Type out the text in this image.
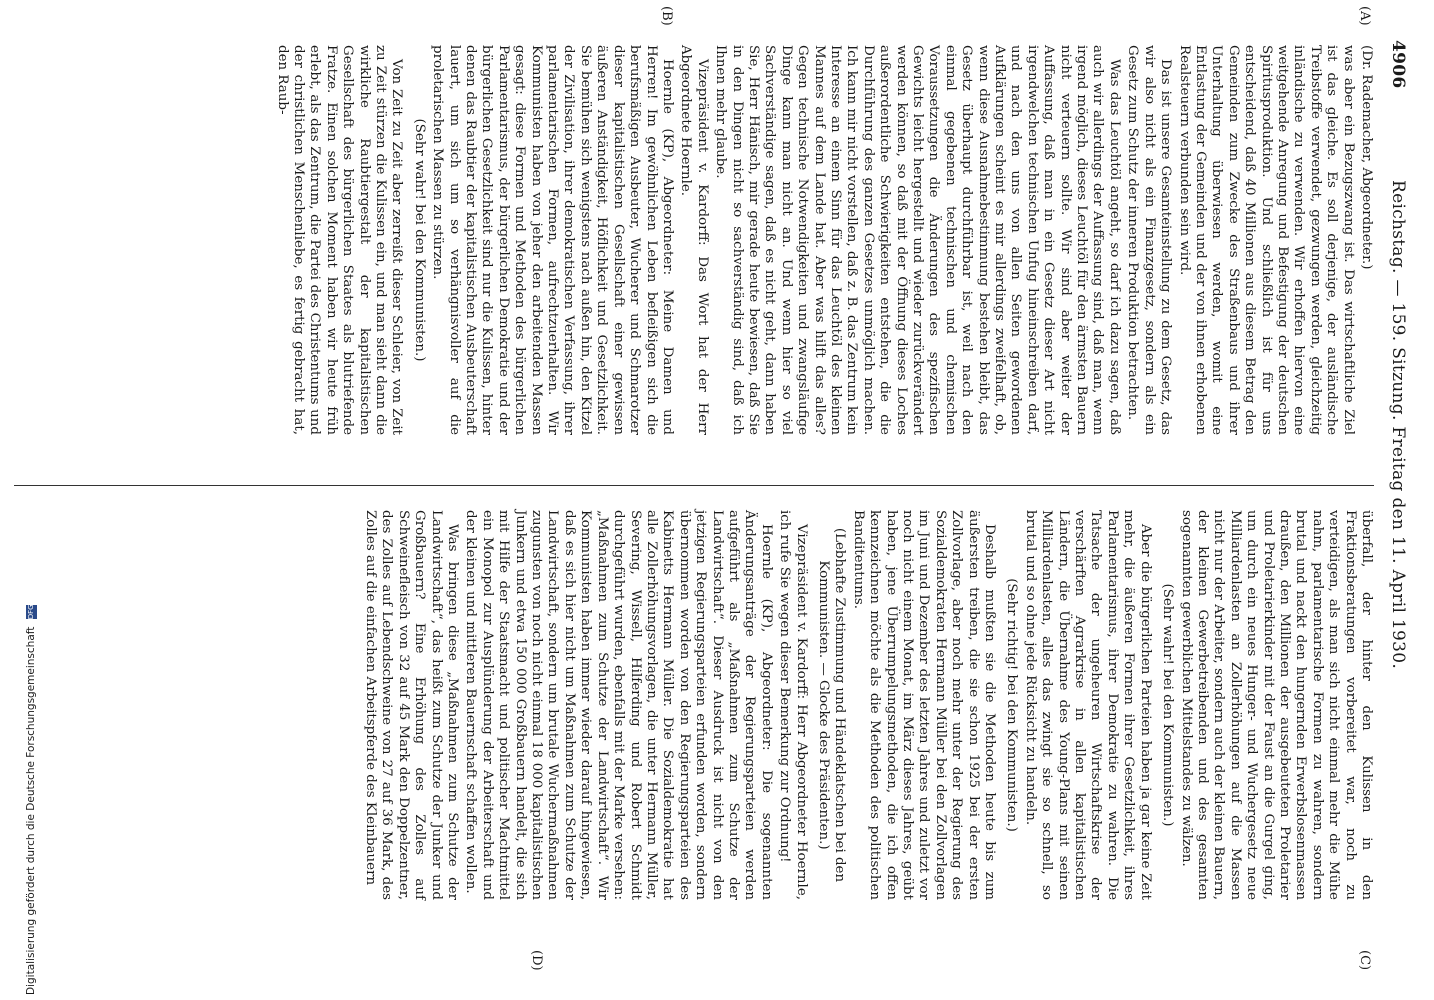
4906
Reichstag. — 159. Sitzung. Freitag den 11. April 1930.
(A)
(B)
(C)
(D)

(Dr. Rademacher, Abgeordneter.)

was aber ein Bezugszwang ist. Das wirtschaftliche Ziel ist das gleiche. Es soll derjenige, der ausländische Treibstoffe verwendet, gezwungen werden, gleichzeitig inländische zu verwenden. Wir erhoffen hiervon eine weitgehende Anregung und Befestigung der deutschen Spiritusproduktion. Und schließlich ist für uns entscheidend, daß 40 Millionen aus diesem Betrag den Gemeinden zum Zwecke des Straßenbaus und ihrer Unterhaltung überwiesen werden, womit eine Entlastung der Gemeinden und der von ihnen erhobenen Realsteuern verbunden sein wird.

Das ist unsere Gesamteinstellung zu dem Gesetz, das wir also nicht als ein Finanzgesetz, sondern als ein Gesetz zum Schutz der inneren Produktion betrachten.

Was das Leuchtöl angeht, so darf ich dazu sagen, daß auch wir allerdings der Auffassung sind, daß man, wenn irgend möglich, dieses Leuchtöl für den ärmsten Bauern nicht verteuern sollte. Wir sind aber weiter der Auffassung, daß man in ein Gesetz dieser Art nicht irgendwelchen technischen Unfug hineinschreiben darf, und nach den uns von allen Seiten gewordenen Aufklärungen scheint es mir allerdings zweifelhaft, ob, wenn diese Ausnahmebestimmung bestehen bleibt, das Gesetz überhaupt durchführbar ist, weil nach den einmal gegebenen technischen und chemischen Voraussetzungen die Änderungen des spezifischen Gewichts leicht hergestellt und wieder zurückverändert werden können, so daß mit der Öffnung dieses Loches außerordentliche Schwierigkeiten entstehen, die die Durchführung des ganzen Gesetzes unmöglich machen. Ich kann mir nicht vorstellen, daß z. B. das Zentrum kein Interesse an einem Sinn für das Leuchtöl des kleinen Mannes auf dem Lande hat. Aber was hilft das alles? Gegen technische Notwendigkeiten und zwangsläufige Dinge kann man nicht an. Und wenn hier so viel Sachverständige sagen, daß es nicht geht, dann haben Sie, Herr Hänisch, mir gerade heute bewiesen, daß Sie in den Dingen nicht so sachverständig sind, daß ich Ihnen mehr glaube.

Vizepräsident v. Kardorff: Das Wort hat der Herr Abgeordnete Hoernle.

Hoernle (KP), Abgeordneter: Meine Damen und Herren! Im gewöhnlichen Leben befleißigen sich die berufsmäßigen Ausbeuter, Wucherer und Schmarotzer dieser kapitalistischen Gesellschaft einer gewissen äußeren Anständigkeit, Höflichkeit und Gesetzlichkeit. Sie bemühen sich wenigstens nach außen hin, den Kitzel der Zivilisation, ihrer demokratischen Verfassung, ihrer parlamentarischen Formen, aufrechtzuerhalten. Wir Kommunisten haben von jeher den arbeitenden Massen gesagt: diese Formen und Methoden des bürgerlichen Parlamentarismus, der bürgerlichen Demokratie und der bürgerlichen Gesetzlichkeit sind nur die Kulissen, hinter denen das Raubtier der kapitalistischen Ausbeuterschaft lauert, um sich um so verhängnisvoller auf die proletarischen Massen zu stürzen.

(Sehr wahr! bei den Kommunisten.)

Von Zeit zu Zeit aber zerreißt dieser Schleier, von Zeit zu Zeit stürzen die Kulissen ein, und man sieht dann die wirkliche Raubtiergestalt der kapitalistischen Gesellschaft des bürgerlichen Staates als blutriefende Fratze. Einen solchen Moment haben wir heute früh erlebt, als das Zentrum, die Partei des Christentums und der christlichen Menschenliebe, es fertig gebracht hat, den Raub-

überfall, der hinter den Kulissen in den Fraktionsberatungen vorbereitet war, noch zu verteidigen, als man sich nicht einmal mehr die Mühe nahm, parlamentarische Formen zu wahren, sondern brutal und nackt den hungernden Erwerbslosenmassen draußen, den Millionen der ausgebeuteten Proletarier und Proletarierkinder mit der Faust an die Gurgel ging, um durch ein neues Hunger- und Wuchergesetz neue Milliardenlasten an Zollerhöhungen auf die Massen nicht nur der Arbeiter, sondern auch der kleinen Bauern, der kleinen Gewerbetreibenden und des gesamten sogenannten gewerblichen Mittelstandes zu wälzen.

(Sehr wahr! bei den Kommunisten.)

Aber die bürgerlichen Parteien haben ja gar keine Zeit mehr, die äußeren Formen ihrer Gesetzlichkeit, ihres Parlamentarismus, ihrer Demokratie zu wahren. Die Tatsache der ungeheuren Wirtschaftskrise der verschärften Agrarkrise in allen kapitalistischen Ländern, die Übernahme des Young-Plans mit seinen Milliardenlasten, alles das zwingt sie so schnell, so brutal und so ohne jede Rücksicht zu handeln.

(Sehr richtig! bei den Kommunisten.)

Deshalb mußten sie die Methoden heute bis zum äußersten treiben, die sie schon 1925 bei der ersten Zollvorlage, aber noch mehr unter der Regierung des Sozialdemokraten Hermann Müller bei den Zollvorlagen im Juni und Dezember des letzten Jahres und zuletzt vor noch nicht einem Monat, im März dieses Jahres, geübt haben, jene Überrumpelungsmethoden, die ich offen kennzeichnen möchte als die Methoden des politischen Banditentums.

(Lebhafte Zustimmung und Händeklatschen bei den Kommunisten. — Glocke des Präsidenten.)

Vizepräsident v. Kardorff: Herr Abgeordneter Hoernle, ich rufe Sie wegen dieser Bemerkung zur Ordnung!

Hoernle (KP), Abgeordneter: Die sogenannten Änderungsanträge der Regierungsparteien werden aufgeführt als „Maßnahmen zum Schutze der Landwirtschaft“. Dieser Ausdruck ist nicht von den jetzigen Regierungsparteien erfunden worden, sondern übernommen worden von den Regierungsparteien des Kabinetts Hermann Müller. Die Sozialdemokratie hat alle Zollerhöhungsvorlagen, die unter Hermann Müller, Severing, Wissell, Hilferding und Robert Schmidt durchgeführt wurden, ebenfalls mit der Marke versehen: „Maßnahmen zum Schutze der Landwirtschaft“. Wir Kommunisten haben immer wieder darauf hingewiesen, daß es sich hier nicht um Maßnahmen zum Schutze der Landwirtschaft, sondern um brutale Wuchermaßnahmen zugunsten von noch nicht einmal 18 000 kapitalistischen Junkern und etwa 150 000 Großbauern handelt, die sich mit Hilfe der Staatsmacht und politischer Machtmittel ein Monopol zur Ausplünderung der Arbeiterschaft und der kleinen und mittleren Bauernschaft schaffen wollen.

Was bringen diese „Maßnahmen zum Schutze der Landwirtschaft“, das heißt zum Schutze der Junker und Großbauern? Eine Erhöhung des Zolles auf Schweinefleisch von 32 auf 45 Mark den Doppelzentner, des Zolles auf Lebendschweine von 27 auf 36 Mark, des Zolles auf die einfachen Arbeitspferde des Kleinbauern

Digitalisierung gefördert durch die Deutsche Forschungsgemeinschaft DFG
